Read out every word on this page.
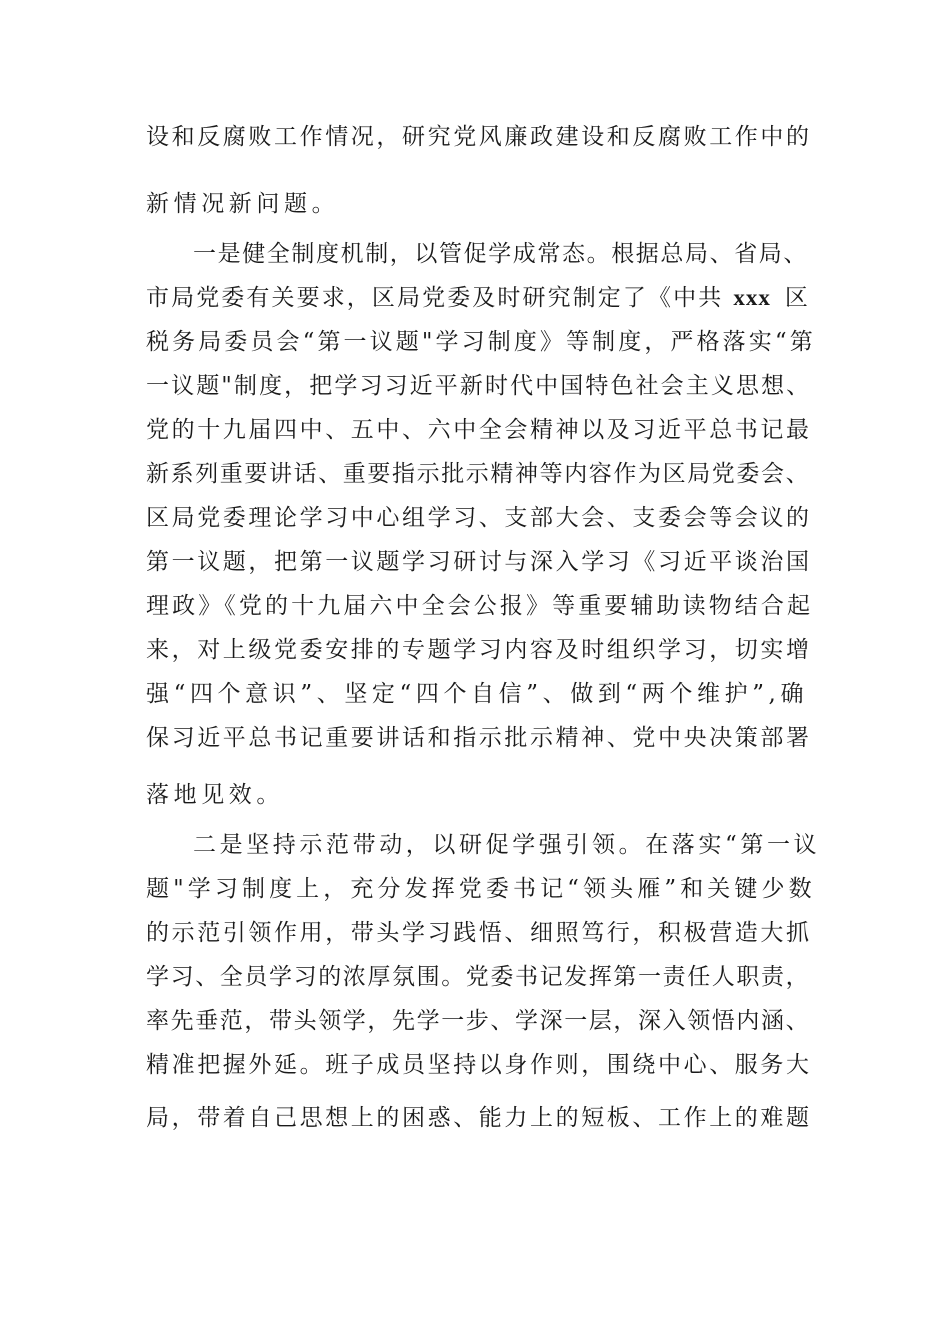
设和反腐败工作情况，研究党风廉政建设和反腐败工作中的
新情况新问题。
一是健全制度机制，以管促学成常态。根据总局、省局、
市局党委有关要求，区局党委及时研究制定了《中共 xxx 区
税务局委员会“第一议题"学习制度》等制度，严格落实“第
一议题"制度，把学习习近平新时代中国特色社会主义思想、
党的十九届四中、五中、六中全会精神以及习近平总书记最
新系列重要讲话、重要指示批示精神等内容作为区局党委会、
区局党委理论学习中心组学习、支部大会、支委会等会议的
第一议题，把第一议题学习研讨与深入学习《习近平谈治国
理政》《党的十九届六中全会公报》等重要辅助读物结合起
来，对上级党委安排的专题学习内容及时组织学习，切实增
强“四个意识”、坚定“四个自信”、做到“两个维护”,确
保习近平总书记重要讲话和指示批示精神、党中央决策部署
落地见效。
二是坚持示范带动，以研促学强引领。在落实“第一议
题"学习制度上，充分发挥党委书记“领头雁”和关键少数
的示范引领作用，带头学习践悟、细照笃行，积极营造大抓
学习、全员学习的浓厚氛围。党委书记发挥第一责任人职责，
率先垂范，带头领学，先学一步、学深一层，深入领悟内涵、
精准把握外延。班子成员坚持以身作则，围绕中心、服务大
局，带着自己思想上的困惑、能力上的短板、工作上的难题
